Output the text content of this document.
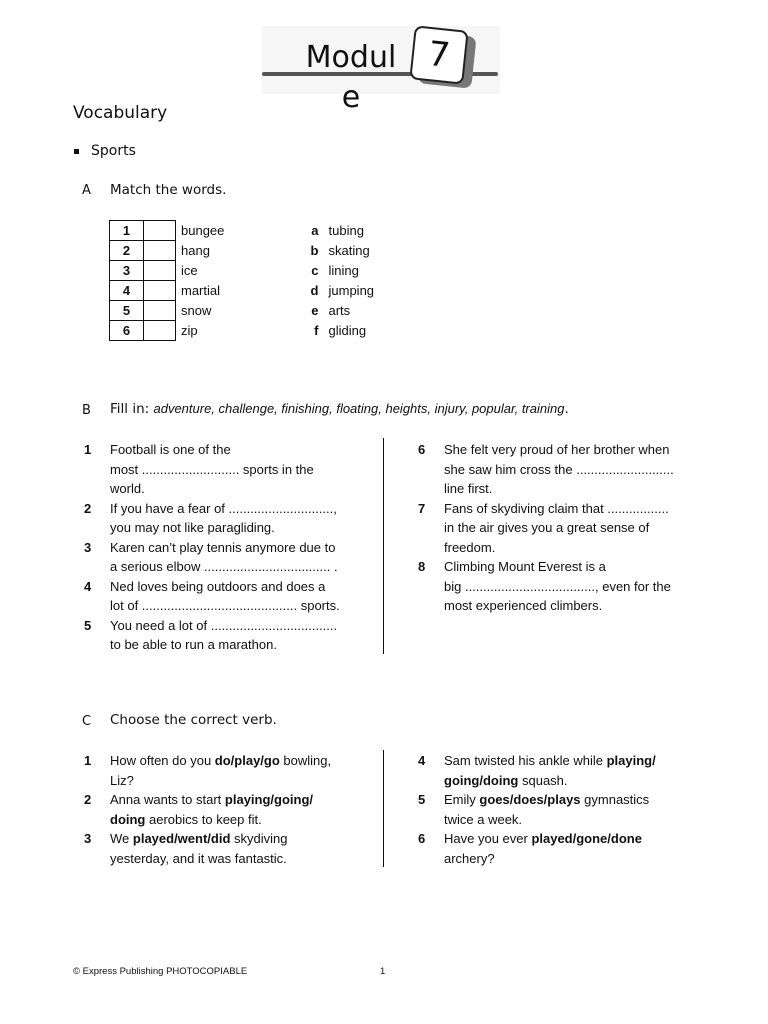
Modul
e
7
Vocabulary
Sports
A Match the words.
1		bungee	a	tubing
2		hang	b	skating
3		ice	c	lining
4		martial	d	jumping
5		snow	e	arts
6		zip	f	gliding
B Fill in: adventure, challenge, finishing, floating, heights, injury, popular, training.
1 Football is one of the
most ........................... sports in the
world.
2 If you have a fear of .............................,
you may not like paragliding.
3 Karen can’t play tennis anymore due to
a serious elbow ................................... .
4 Ned loves being outdoors and does a
lot of ........................................... sports.
5 You need a lot of ...................................
to be able to run a marathon.
6 She felt very proud of her brother when
she saw him cross the ...........................
line first.
7 Fans of skydiving claim that .................
in the air gives you a great sense of
freedom.
8 Climbing Mount Everest is a
big ...................................., even for the
most experienced climbers.
C Choose the correct verb.
1 How often do you do/play/go bowling,
Liz?
2 Anna wants to start playing/going/
doing aerobics to keep fit.
3 We played/went/did skydiving
yesterday, and it was fantastic.
4 Sam twisted his ankle while playing/
going/doing squash.
5 Emily goes/does/plays gymnastics
twice a week.
6 Have you ever played/gone/done
archery?
© Express Publishing PHOTOCOPIABLE	1
